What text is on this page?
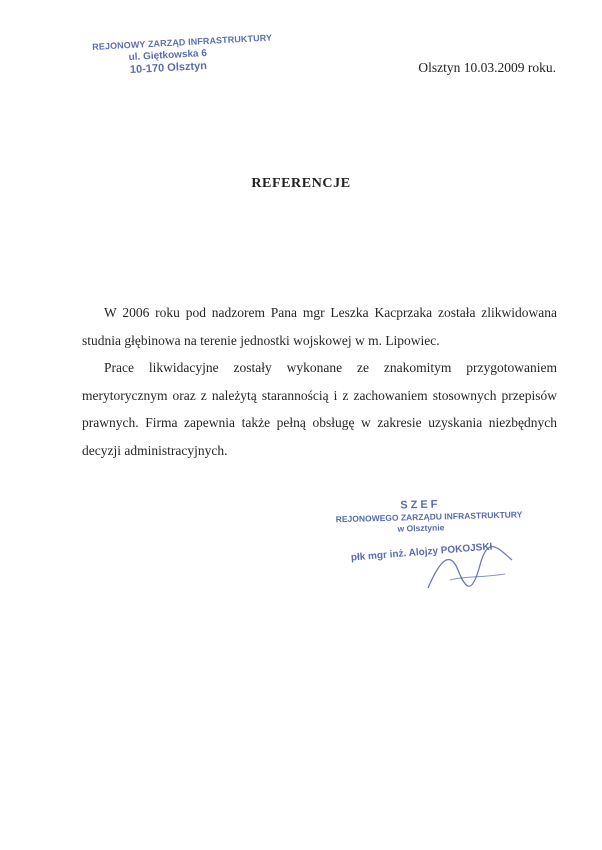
REJONOWY ZARZĄD INFRASTRUKTURY
ul. Giętkowska 6
10-170 Olsztyn	Olsztyn 10.03.2009 roku.
REFERENCJE

W 2006 roku pod nadzorem Pana mgr Leszka Kacprzaka została zlikwidowana studnia głębinowa na terenie jednostki wojskowej w m. Lipowiec.

Prace likwidacyjne zostały wykonane ze znakomitym przygotowaniem merytorycznym oraz z należytą starannością i z zachowaniem stosownych przepisów prawnych. Firma zapewnia także pełną obsługę w zakresie uzyskania niezbędnych decyzji administracyjnych.

SZEF
REJONOWEGO ZARZĄDU INFRASTRUKTURY
w Olsztynie
płk mgr inż. Alojzy POKOJSKI
